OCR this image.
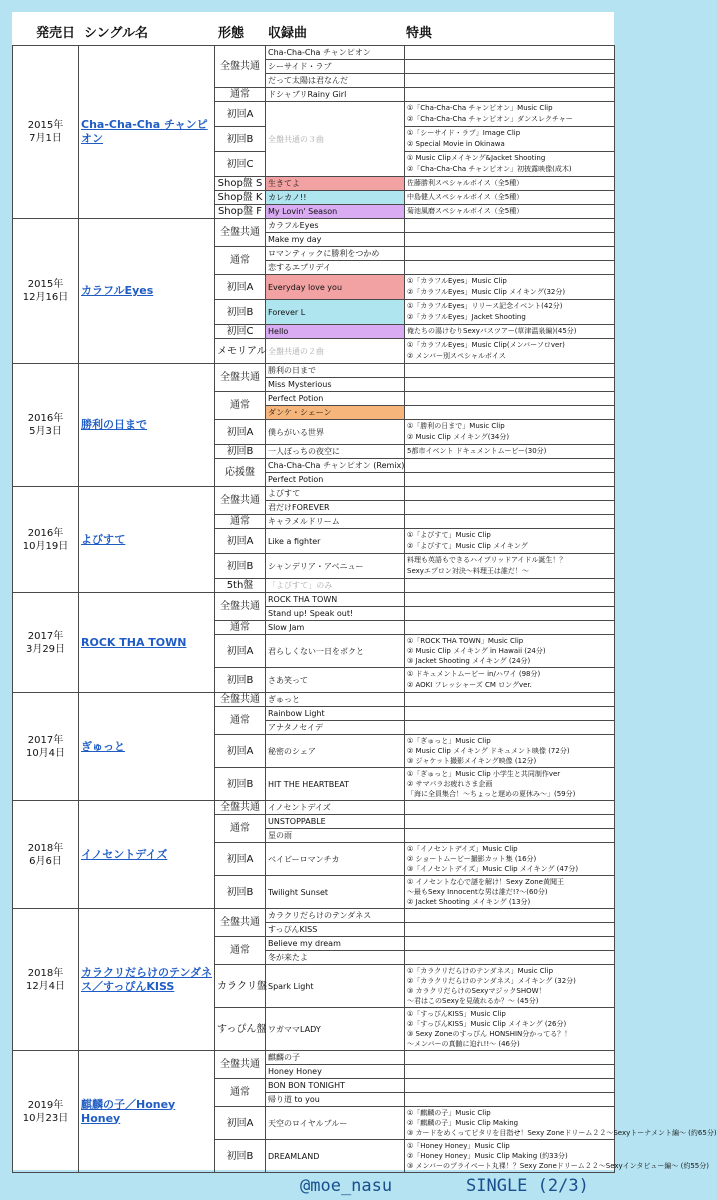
発売日 シングル名	形態 収録曲	特典
2015年
7月1日	Cha-Cha-Cha チャンピオン	全盤共通	Cha-Cha-Cha チャンピオン	
			シーサイド・ラブ	
			だって太陽は君なんだ	
		通常	ドシャブリRainy Girl	
		初回A	全盤共通の３曲	①「Cha-Cha-Cha チャンピオン」Music Clip
②「Cha-Cha-Cha チャンピオン」ダンスレクチャー

		初回B		①「シーサイド・ラブ」Image Clip
② Special Movie in Okinawa

		初回C		① Music Clipメイキング&Jacket Shooting
②「Cha-Cha-Cha チャンピオン」初披露映像(成木)

		Shop盤 S	生きてよ	佐藤勝利スペシャルボイス（全5種）

		Shop盤 K	カレカノ!!	中島健人スペシャルボイス（全5種）

		Shop盤 F	My Lovin' Season	菊池風磨スペシャルボイス（全5種）

2015年
12月16日	カラフルEyes	全盤共通	カラフルEyes	
			Make my day	
		通常	ロマンティックに勝利をつかめ	
			恋するエブリデイ	
		初回A	Everyday love you	①「カラフルEyes」Music Clip
②「カラフルEyes」Music Clip メイキング(32分)

		初回B	Forever L	①「カラフルEyes」リリース記念イベント(42分)
②「カラフルEyes」Jacket Shooting

		初回C	Hello	俺たちの湯けむりSexyバスツアー(草津温泉編)(45分)

		メモリアル	全盤共通の２曲	①「カラフルEyes」Music Clip(メンバーソロver)
② メンバー別スペシャルボイス

2016年
5月3日	勝利の日まで	全盤共通	勝利の日まで	
			Miss Mysterious	
		通常	Perfect Potion	
			ダンケ・シェーン	
		初回A	僕らがいる世界	①「勝利の日まで」Music Clip
② Music Clip メイキング(34分)

		初回B	一人ぼっちの夜空に	5都市イベント ドキュメントムービー(30分)

		応援盤	Cha-Cha-Cha チャンピオン (Remix)	
			Perfect Potion	

2016年
10月19日	よびすて	全盤共通	よびすて	
			君だけFOREVER	
		通常	キャラメルドリーム	
		初回A	Like a fighter	①「よびすて」Music Clip
②「よびすて」Music Clip メイキング

		初回B	シャンデリア・アベニュー	料理も英語もできるハイブリッドアイドル誕生！？
Sexyエプロン対決～料理王は誰だ！～

		5th盤	「よびすて」のみ	

2017年
3月29日	ROCK THA TOWN	全盤共通	ROCK THA TOWN	
			Stand up! Speak out!	
		通常	Slow Jam	
		初回A	君らしくない一日をボクと	①「ROCK THA TOWN」Music Clip
② Music Clip メイキング in Hawaii (24分)
③ Jacket Shooting メイキング (24分)

		初回B	さあ笑って	① ドキュメントムービー in/ハワイ (98分)
② AOKI フレッシャーズ CM ロングver.

2017年
10月4日	ぎゅっと	全盤共通	ぎゅっと	
		通常	Rainbow Light	
			アナタノセイデ	
		初回A	秘密のシェア	①「ぎゅっと」Music Clip
② Music Clip メイキング ドキュメント映像 (72分)
③ ジャケット撮影メイキング映像 (12分)

		初回B	HIT THE HEARTBEAT	①「ぎゅっと」Music Clip 小学生と共同制作ver
② サマパラお疲れさま企画
「海に全員集合！～ちょっと遅めの夏休み～」(59分)

2018年
6月6日	イノセントデイズ	全盤共通	イノセントデイズ	
		通常	UNSTOPPABLE	
			星の雨	
		初回A	ベイビーロマンチカ	①「イノセントデイズ」Music Clip
② ショートムービー撮影カット集 (16分)
③「イノセントデイズ」Music Clip メイキング (47分)

		初回B	Twilight Sunset	① イノセントな心で謎を解け！Sexy Zone黄聞王
～最もSexy Innocentな男は誰だ!?～(60分)
② Jacket Shooting メイキング (13分)

2018年
12月4日	カラクリだらけのテンダネス／すっぴんKISS	全盤共通	カラクリだらけのテンダネス	
			すっぴんKISS	
		通常	Believe my dream	
			冬が来たよ	
		カラクリ盤	Spark Light	①「カラクリだらけのテンダネス」Music Clip
②「カラクリだらけのテンダネス」メイキング (32分)
③ カラクリだらけのSexyマジックSHOW！
～君はこのSexyを見破れるか？～ (45分)

		すっぴん盤	ワガママLADY	①「すっぴんKISS」Music Clip
②「すっぴんKISS」Music Clip メイキング (26分)
③ Sexy Zoneのすっぴん HONSHIN分かってる？！
～メンバーの真髄に迫れ!!～ (46分)

2019年
10月23日	麒麟の子／Honey Honey	全盤共通	麒麟の子	
			Honey Honey	
		通常	BON BON TONIGHT	
			帰り道 to you	
		初回A	天空のロイヤルブルー	①「麒麟の子」Music Clip
②「麒麟の子」Music Clip Making
③ カードをめくってピタリを目指せ！Sexy Zoneドリーム２２～Sexyトーナメント編～ (約65分)

		初回B	DREAMLAND	①「Honey Honey」Music Clip
②「Honey Honey」Music Clip Making (約33分)
③ メンバーのプライベート丸裸！？Sexy Zoneドリーム２２～Sexyインタビュー編～ (約55分)
@moe_nasu	SINGLE (2/3)
